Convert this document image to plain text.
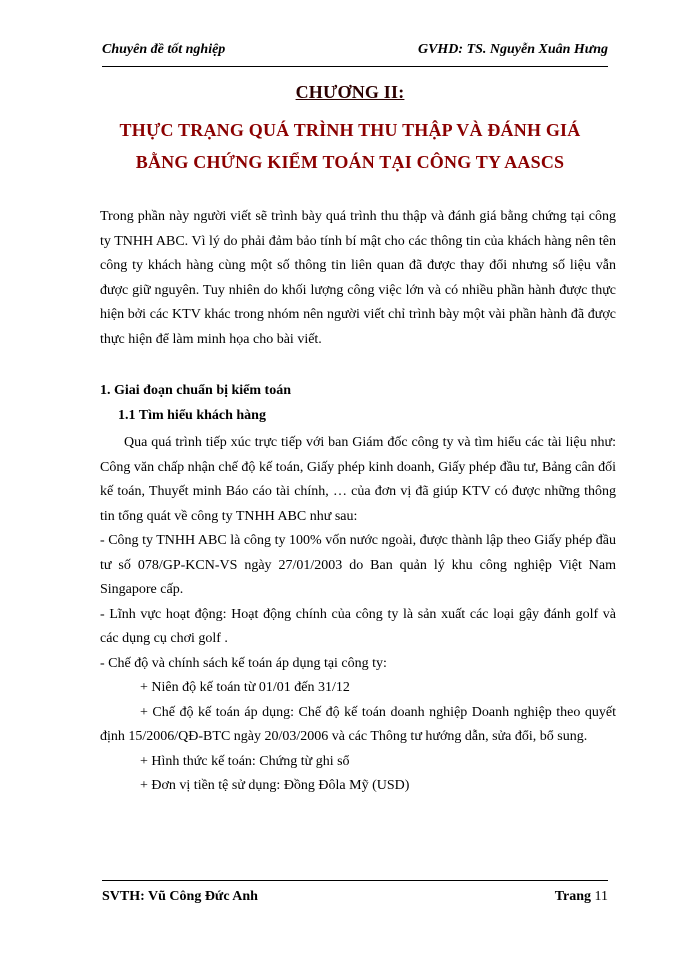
Chuyên đề tốt nghiệp	GVHD: TS. Nguyễn Xuân Hưng
CHƯƠNG II:
THỰC TRẠNG QUÁ TRÌNH THU THẬP VÀ ĐÁNH GIÁ
BẰNG CHỨNG KIỂM TOÁN TẠI CÔNG TY AASCS

Trong phần này người viết sẽ trình bày quá trình thu thập và đánh giá bằng chứng tại công ty TNHH ABC. Vì lý do phải đảm bảo tính bí mật cho các thông tin của khách hàng nên tên công ty khách hàng cùng một số thông tin liên quan đã được thay đổi nhưng số liệu vẫn được giữ nguyên. Tuy nhiên do khối lượng công việc lớn và có nhiều phần hành được thực hiện bởi các KTV khác trong nhóm nên người viết chỉ trình bày một vài phần hành đã được thực hiện để làm minh họa cho bài viết.

1. Giai đoạn chuẩn bị kiểm toán
1.1 Tìm hiểu khách hàng
Qua quá trình tiếp xúc trực tiếp với ban Giám đốc công ty và tìm hiểu các tài liệu như: Công văn chấp nhận chế độ kế toán, Giấy phép kinh doanh, Giấy phép đầu tư, Bảng cân đối kế toán, Thuyết minh Báo cáo tài chính, … của đơn vị đã giúp KTV có được những thông tin tổng quát về công ty TNHH ABC như sau:
- Công ty TNHH ABC là công ty 100% vốn nước ngoài, được thành lập theo Giấy phép đầu tư số 078/GP-KCN-VS ngày 27/01/2003 do Ban quản lý khu công nghiệp Việt Nam Singapore cấp.
- Lĩnh vực hoạt động: Hoạt động chính của công ty là sản xuất các loại gậy đánh golf và các dụng cụ chơi golf .
- Chế độ và chính sách kế toán áp dụng tại công ty:
+ Niên độ kế toán từ 01/01 đến 31/12
+ Chế độ kế toán áp dụng: Chế độ kế toán doanh nghiệp Doanh nghiệp theo quyết định 15/2006/QĐ-BTC ngày 20/03/2006 và các Thông tư hướng dẫn, sửa đổi, bổ sung.
+ Hình thức kế toán: Chứng từ ghi sổ
+ Đơn vị tiền tệ sử dụng: Đồng Đôla Mỹ (USD)
SVTH: Vũ Công Đức Anh	Trang 11
